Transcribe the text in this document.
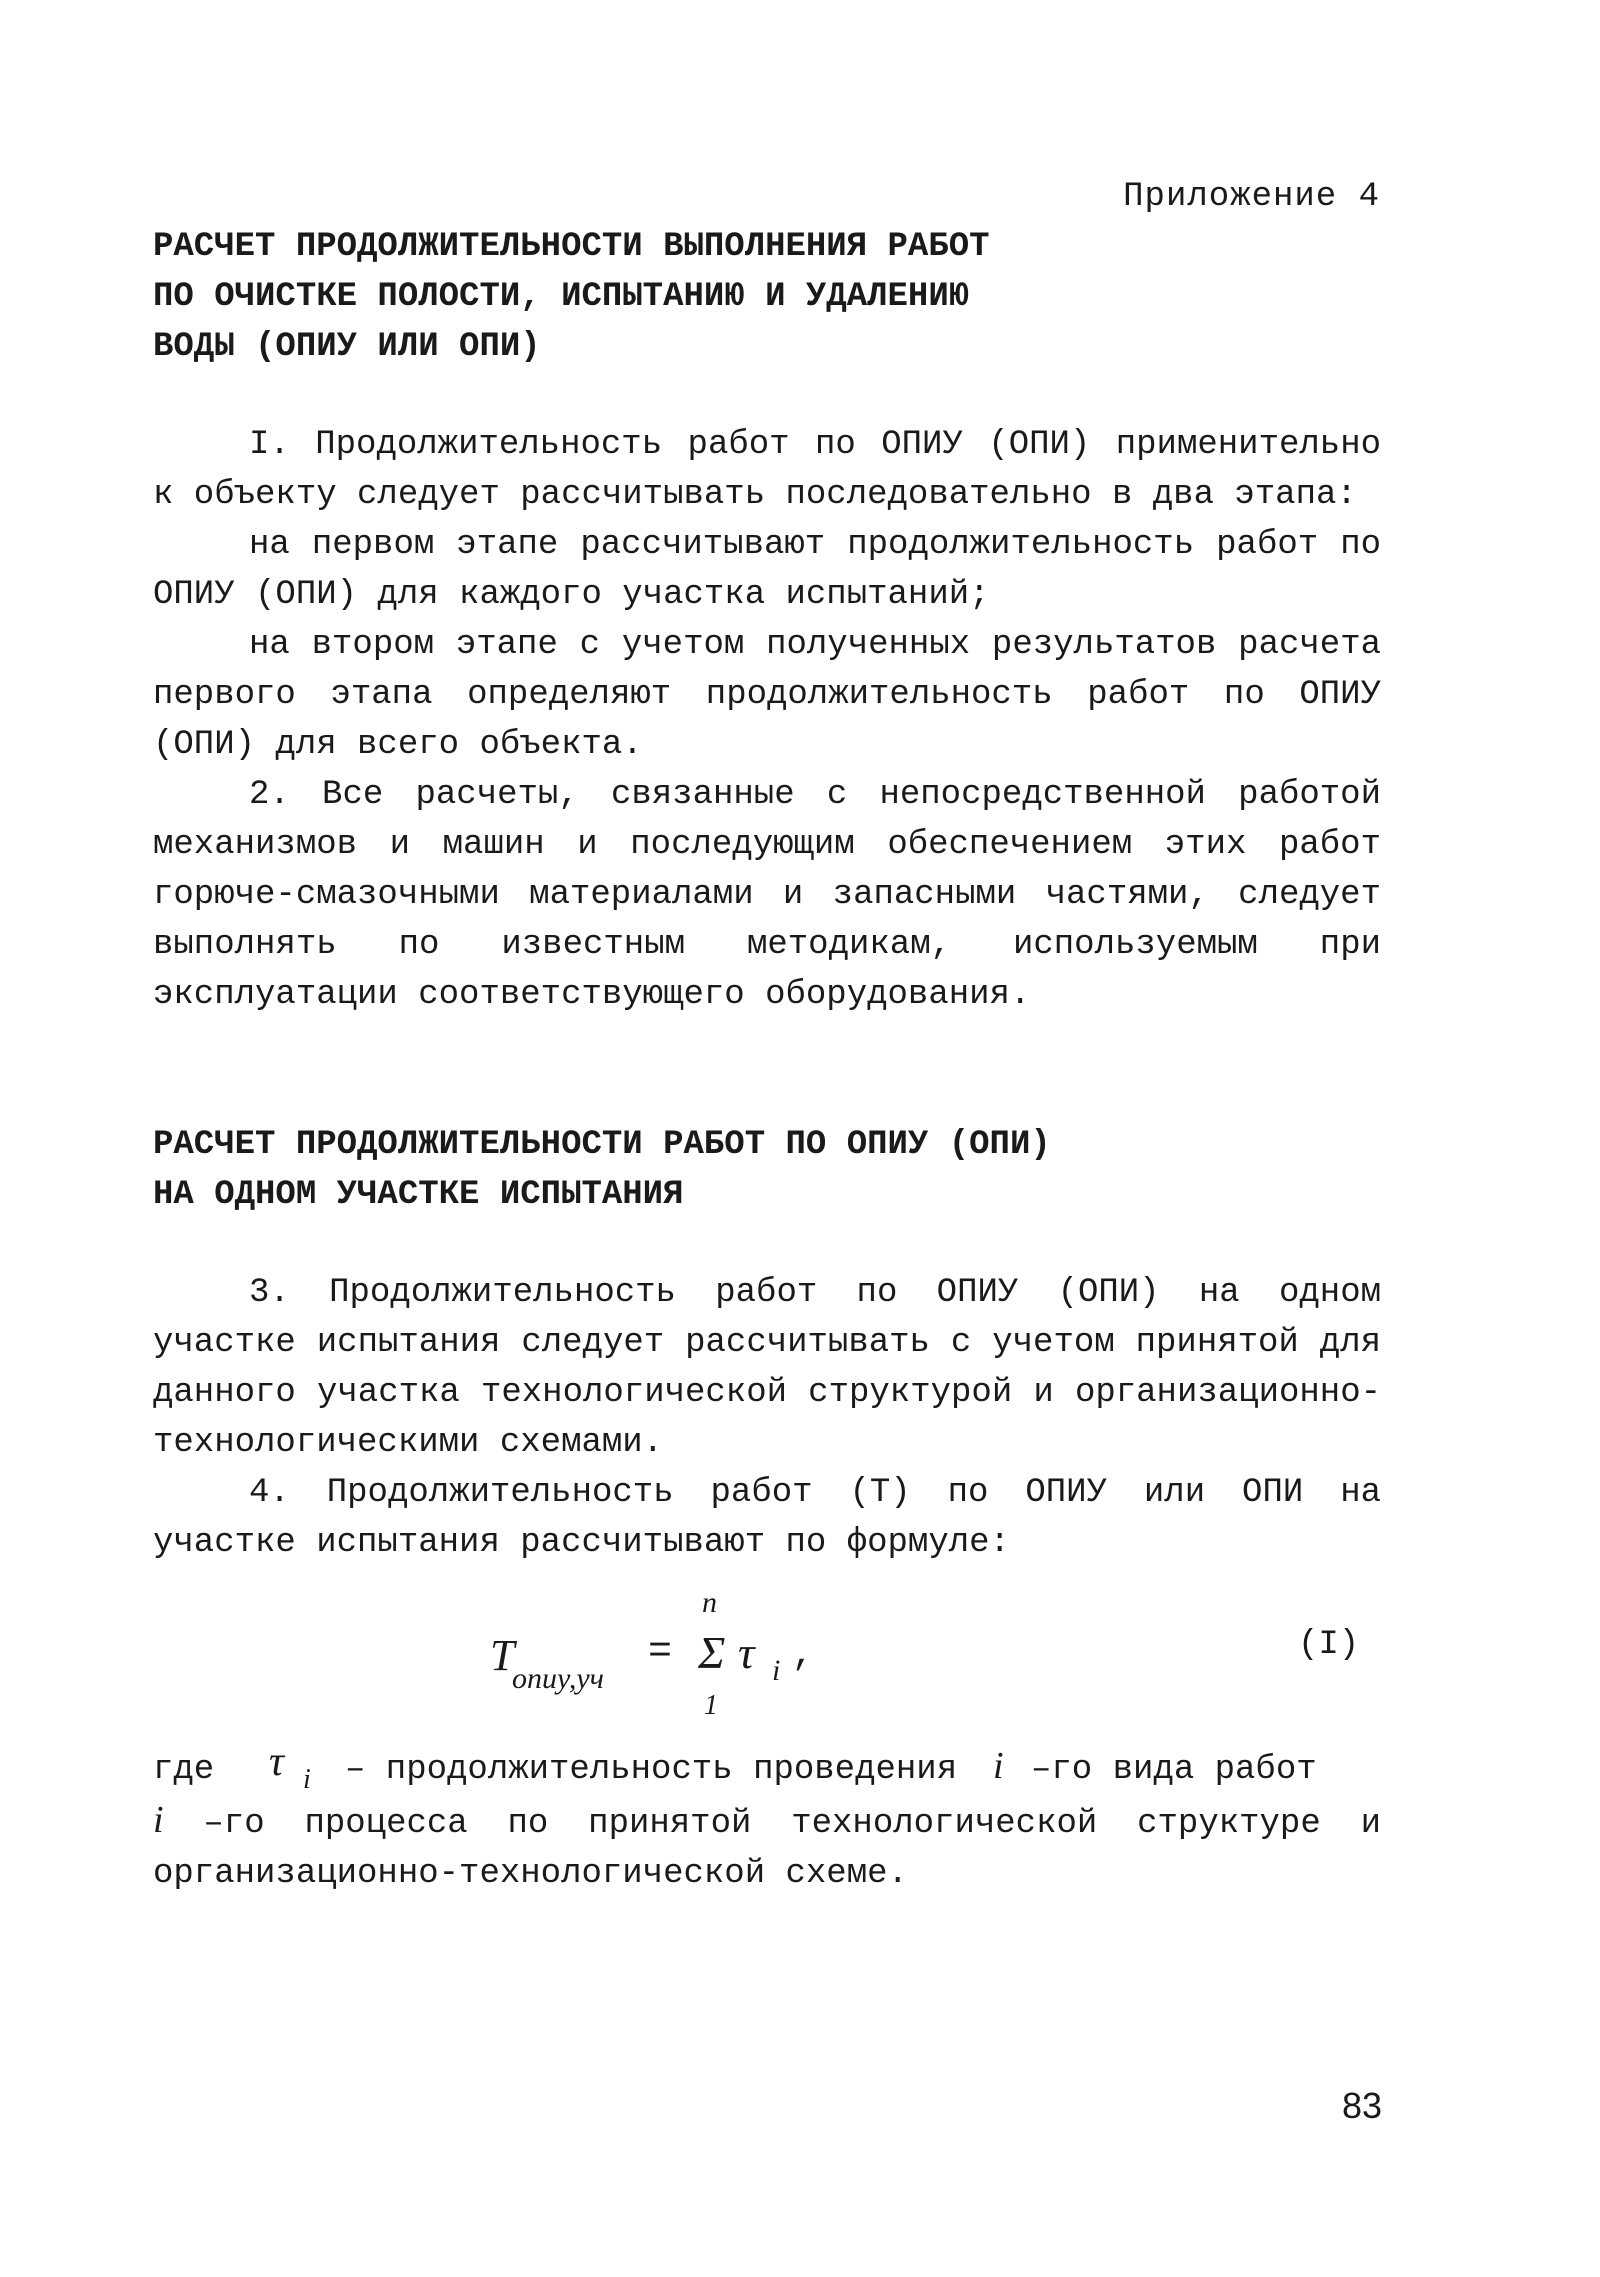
Приложение 4
РАСЧЕТ ПРОДОЛЖИТЕЛЬНОСТИ ВЫПОЛНЕНИЯ РАБОТ
ПО ОЧИСТКЕ ПОЛОСТИ, ИСПЫТАНИЮ И УДАЛЕНИЮ
ВОДЫ (ОПИУ ИЛИ ОПИ)
I. Продолжительность работ по ОПИУ (ОПИ) применительно к объекту следует рассчитывать последовательно в два этапа:
на первом этапе рассчитывают продолжительность работ по ОПИУ (ОПИ) для каждого участка испытаний;
на втором этапе с учетом полученных результатов расчета первого этапа определяют продолжительность работ по ОПИУ (ОПИ) для всего объекта.
2. Все расчеты, связанные с непосредственной работой механизмов и машин и последующим обеспечением этих работ горюче-смазочными материалами и запасными частями, следует выполнять по известным методикам, используемым при эксплуатации соответствующего оборудования.
РАСЧЕТ ПРОДОЛЖИТЕЛЬНОСТИ РАБОТ ПО ОПИУ (ОПИ)
НА ОДНОМ УЧАСТКЕ ИСПЫТАНИЯ
3. Продолжительность работ по ОПИУ (ОПИ) на одном участке испытания следует рассчитывать с учетом принятой для данного участка технологической структурой и организационно-технологическими схемами.
4. Продолжительность работ (Т) по ОПИУ или ОПИ на участке испытания рассчитывают по формуле:
T
опиу,уч
=
n
Σ
1
τ i ,	(I)
где τ i – продолжительность проведения i –го вида работ
i –го процесса по принятой технологической структуре и организационно-технологической схеме.
83
